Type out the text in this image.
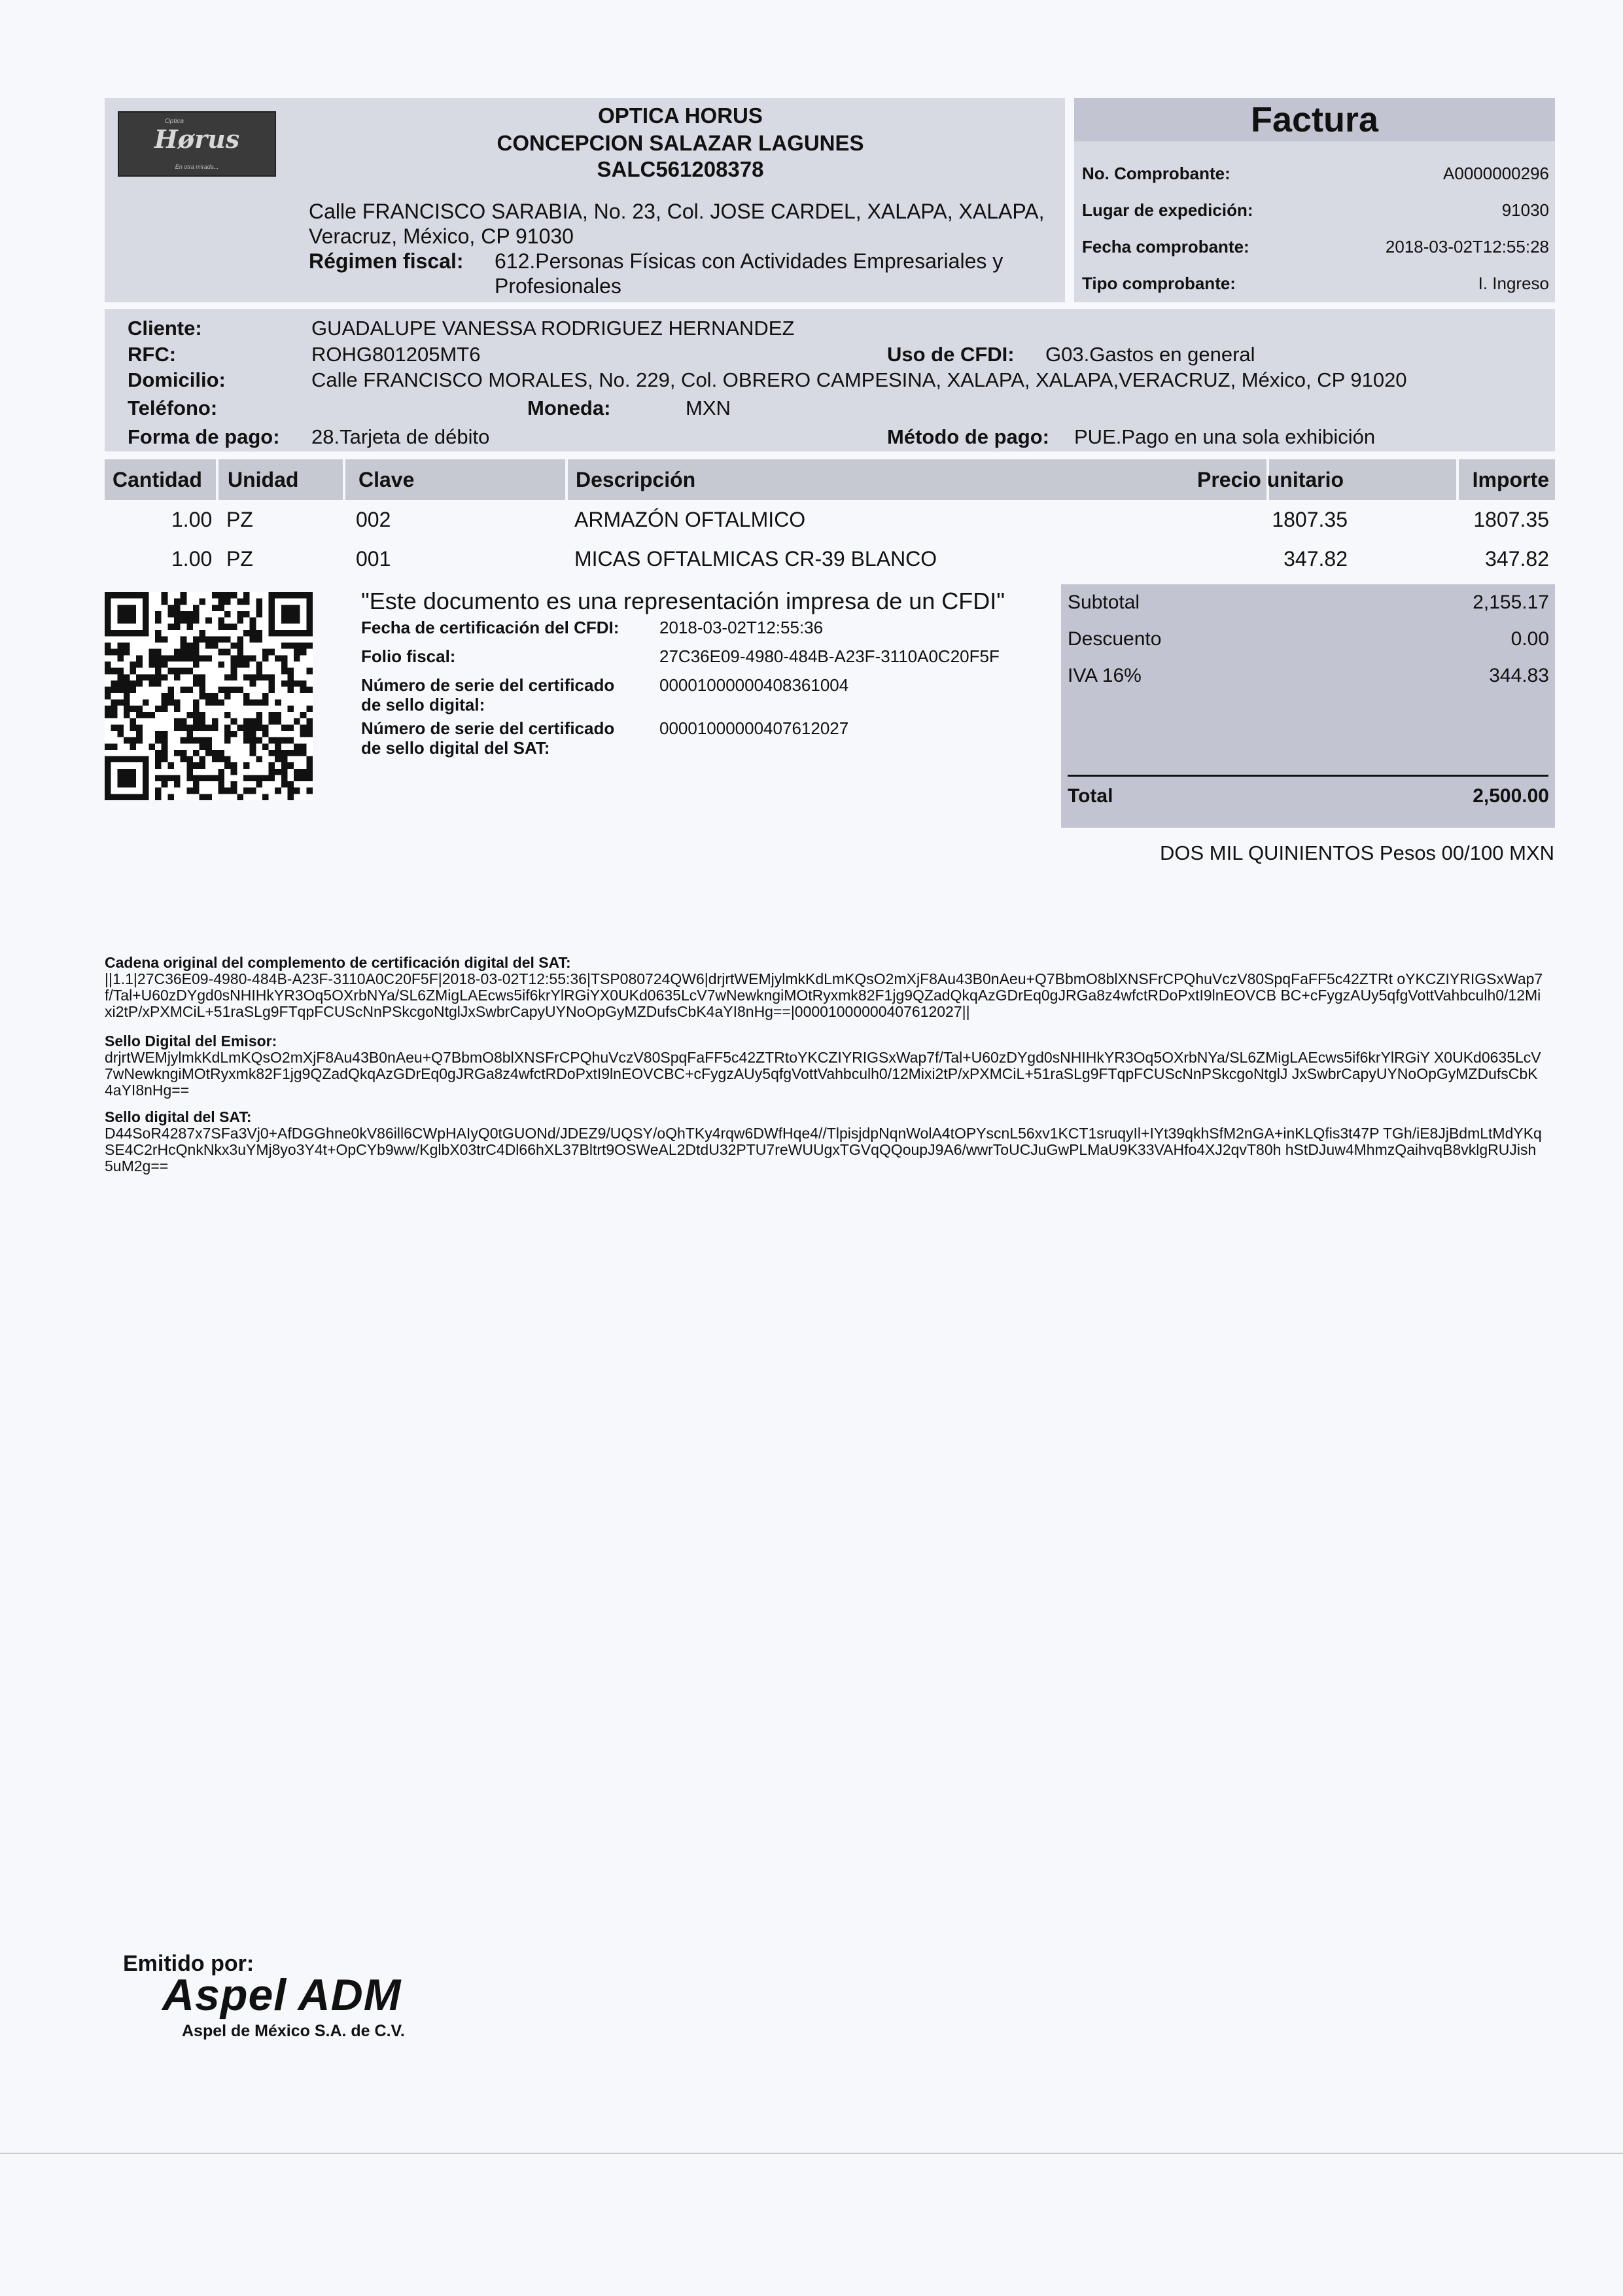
Optica
Hørus
En otra mirada...
OPTICA HORUS
CONCEPCION SALAZAR LAGUNES
SALC561208378
Calle FRANCISCO SARABIA, No. 23, Col. JOSE CARDEL, XALAPA, XALAPA,
Veracruz, México, CP 91030
Régimen fiscal: 612.Personas Físicas con Actividades Empresariales y
Profesionales
Factura
No. Comprobante:	A0000000296
Lugar de expedición:	91030
Fecha comprobante:	2018-03-02T12:55:28
Tipo comprobante:	I. Ingreso
Cliente:	GUADALUPE VANESSA RODRIGUEZ HERNANDEZ
RFC:	ROHG801205MT6	Uso de CFDI: G03.Gastos en general
Domicilio:	Calle FRANCISCO MORALES, No. 229, Col. OBRERO CAMPESINA, XALAPA, XALAPA,VERACRUZ, México, CP 91020
Teléfono:	Moneda:	MXN
Forma de pago: 28.Tarjeta de débito	Método de pago: PUE.Pago en una sola exhibición
Cantidad Unidad	Clave	Descripción	Precio unitario	Importe
1.00 PZ	002	ARMAZÓN OFTALMICO	1807.35	1807.35
1.00 PZ	001	MICAS OFTALMICAS CR-39 BLANCO	347.82	347.82
"Este documento es una representación impresa de un CFDI"
Fecha de certificación del CFDI: 2018-03-02T12:55:36
Folio fiscal:	27C36E09-4980-484B-A23F-3110A0C20F5F
Número de serie del certificado
de sello digital:
00001000000408361004
Número de serie del certificado
de sello digital del SAT:
00001000000407612027
Subtotal	2,155.17
Descuento	0.00
IVA 16%	344.83
Total	2,500.00
DOS MIL QUINIENTOS Pesos 00/100 MXN
Cadena original del complemento de certificación digital del SAT:
||1.1|27C36E09-4980-484B-A23F-3110A0C20F5F|2018-03-02T12:55:36|TSP080724QW6|drjrtWEMjylmkKdLmKQsO2mXjF8Au43B0nAeu+Q7BbmO8blXNSFrCPQhuVczV80SpqFaFF5c42ZTRt oYKCZIYRIGSxWap7f/Tal+U60zDYgd0sNHIHkYR3Oq5OXrbNYa/SL6ZMigLAEcws5if6krYlRGiYX0UKd0635LcV7wNewkngiMOtRyxmk82F1jg9QZadQkqAzGDrEq0gJRGa8z4wfctRDoPxtI9lnEOVCB BC+cFygzAUy5qfgVottVahbculh0/12Mixi2tP/xPXMCiL+51raSLg9FTqpFCUScNnPSkcgoNtglJxSwbrCapyUYNoOpGyMZDufsCbK4aYI8nHg==|00001000000407612027||
Sello Digital del Emisor:
drjrtWEMjylmkKdLmKQsO2mXjF8Au43B0nAeu+Q7BbmO8blXNSFrCPQhuVczV80SpqFaFF5c42ZTRtoYKCZIYRIGSxWap7f/Tal+U60zDYgd0sNHIHkYR3Oq5OXrbNYa/SL6ZMigLAEcws5if6krYlRGiY X0UKd0635LcV7wNewkngiMOtRyxmk82F1jg9QZadQkqAzGDrEq0gJRGa8z4wfctRDoPxtI9lnEOVCBC+cFygzAUy5qfgVottVahbculh0/12Mixi2tP/xPXMCiL+51raSLg9FTqpFCUScNnPSkcgoNtglJ JxSwbrCapyUYNoOpGyMZDufsCbK4aYI8nHg==
Sello digital del SAT:
D44SoR4287x7SFa3Vj0+AfDGGhne0kV86ill6CWpHAIyQ0tGUONd/JDEZ9/UQSY/oQhTKy4rqw6DWfHqe4//TlpisjdpNqnWolA4tOPYscnL56xv1KCT1sruqyIl+IYt39qkhSfM2nGA+inKLQfis3t47P TGh/iE8JjBdmLtMdYKqSE4C2rHcQnkNkx3uYMj8yo3Y4t+OpCYb9ww/KglbX03trC4Dl66hXL37Bltrt9OSWeAL2DtdU32PTU7reWUUgxTGVqQQoupJ9A6/wwrToUCJuGwPLMaU9K33VAHfo4XJ2qvT80h hStDJuw4MhmzQaihvqB8vklgRUJish5uM2g==
Emitido por:
Aspel ADM
Aspel de México S.A. de C.V.
